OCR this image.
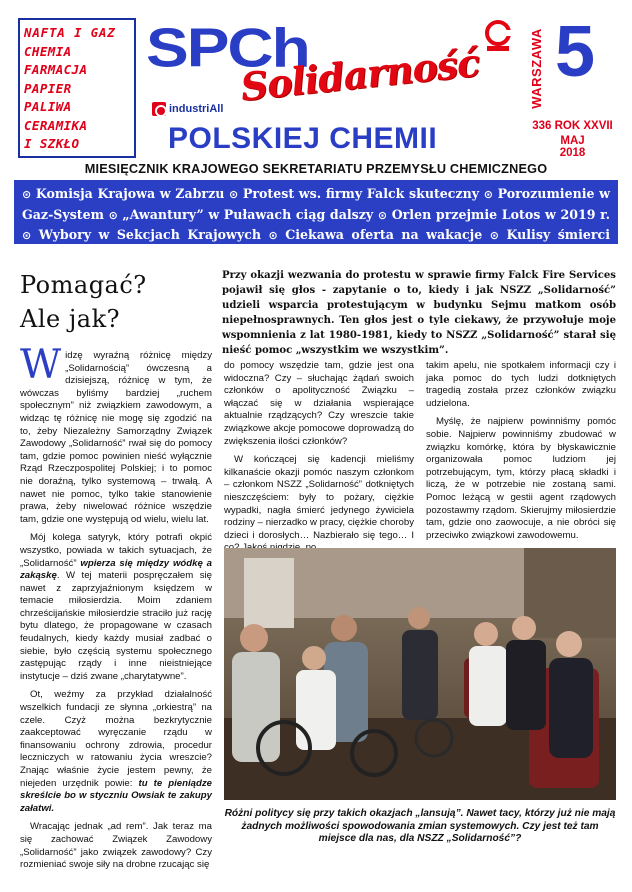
NAFTA I GAZ
CHEMIA
FARMACJA
PAPIER
PALIWA
CERAMIKA
I SZKŁO
SPCh
Solidarność
industriAll
POLSKIEJ CHEMII
WARSZAWA 5
336 ROK XXVII
MAJ
2018
MIESIĘCZNIK KRAJOWEGO SEKRETARIATU PRZEMYSŁU CHEMICZNEGO
⊙ Komisja Krajowa w Zabrzu ⊙ Protest ws. firmy Falck skuteczny ⊙ Porozumienie w Gaz-System ⊙ „Awantury” w Puławach ciąg dalszy ⊙ Orlen przejmie Lotos w 2019 r. ⊙ Wybory w Sekcjach Krajowych ⊙ Ciekawa oferta na wakacje ⊙ Kulisy śmierci Marka Papały ⊙
Pomagać?
Ale jak?
Przy okazji wezwania do protestu w sprawie firmy Falck Fire Services pojawił się głos - zapytanie o to, kiedy i jak NSZZ „Solidarność” udzieli wsparcia protestującym w budynku Sejmu matkom osób niepełnosprawnych. Ten głos jest o tyle ciekawy, że przywołuje moje wspomnienia z lat 1980-1981, kiedy to NSZZ „Solidarność” starał się nieść pomoc „wszystkim we wszystkim”.

Widzę wyraźną różnicę między „Solidarnością” ówczesną a dzisiejszą, różnicę w tym, że wówczas byliśmy bardziej „ruchem społecznym” niż związkiem zawodowym, a widząc tę różnicę nie mogę się zgodzić na to, żeby Niezależny Samorządny Związek Zawodowy „Solidarność” rwał się do pomocy tam, gdzie pomoc powinien nieść wyłącznie Rząd Rzeczpospolitej Polskiej; i to pomoc nie doraźną, tylko systemową – trwałą. A nawet nie pomoc, tylko takie stanowienie prawa, żeby niwelować różnice wszędzie tam, gdzie one występują od wielu, wielu lat.

Mój kolega satyryk, który potrafi okpić wszystko, powiada w takich sytuacjach, że „Solidarność” wpierza się między wódkę a zakąskę. W tej materii pospręczałem się nawet z zaprzyjaźnionym księdzem w temacie miłosierdzia. Moim zdaniem chrześcijańskie miłosierdzie straciło już rację bytu dlatego, że propagowane w czasach feudalnych, kiedy każdy musiał zadbać o siebie, było częścią systemu społecznego zastępując rządy i inne nieistniejące instytucje – dziś zwane „charytatywne”.

Ot, weźmy za przykład działalność wszelkich fundacji ze słynna „orkiestrą” na czele. Czyż można bezkrytycznie zaakceptować wyręczanie rządu w finansowaniu ochrony zdrowia, procedur leczniczych w ratowaniu życia wreszcie? Znając właśnie życie jestem pewny, że niejeden urzędnik powie: tu te pieniądze skreślcie bo w styczniu Owsiak te zakupy załatwi.

Wracając jednak „ad rem”. Jak teraz ma się zachować Związek Zawodowy „Solidarność” jako związek zawodowy? Czy rozmieniać swoje siły na drobne rzucając się

do pomocy wszędzie tam, gdzie jest ona widoczna? Czy – słuchając żądań swoich członków o apolityczność Związku – włączać się w działania wspierające aktualnie rządzących? Czy wreszcie takie związkowe akcje pomocowe doprowadzą do zwiększenia ilości członków?

W kończącej się kadencji mieliśmy kilkanaście okazji pomóc naszym członkom – członkom NSZZ „Solidarność” dotkniętych nieszczęściem: były to pożary, ciężkie wypadki, nagła śmierć jedynego żywiciela rodziny – nierzadko w pracy, ciężkie choroby dzieci i dorosłych… Nazbierało się tego… I

takim apelu, nie spotkałem informacji czy i jaka pomoc do tych ludzi dotkniętych tragedią została przez członków związku udzielona.

Myślę, że najpierw powinniśmy pomóc sobie. Najpierw powinniśmy zbudować w związku komórkę, która by błyskawicznie organizowała pomoc ludziom jej potrzebującym, tym, którzy płacą składki i liczą, że w potrzebie nie zostaną sami. Pomoc leżącą w gestii agent rządowych pozostawmy rządom. Skierujmy miłosierdzie tam, gdzie ono zaowocuje, a nie obróci się przeciwko związkowi zawodowemu.

Różni politycy się przy takich okazjach „lansują”. Nawet tacy, którzy już nie mają żadnych możliwości spowodowania zmian systemowych. Czy jest też tam miejsce dla nas, dla NSZZ „Solidarność”?
